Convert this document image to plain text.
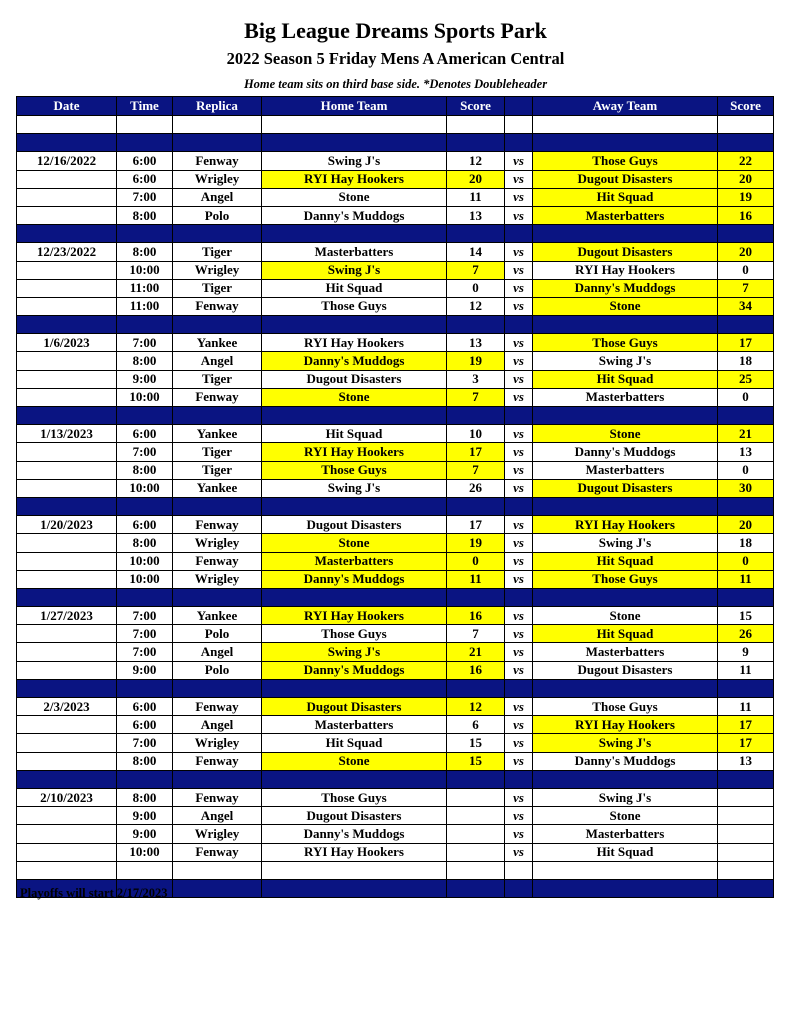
Big League Dreams Sports Park
2022 Season 5 Friday Mens A American Central
Home team sits on third base side. *Denotes Doubleheader
Date	Time	Replica	Home Team	Score		Away Team	Score

12/16/2022	6:00	Fenway	Swing J's	12	vs	Those Guys	22
	6:00	Wrigley	RYI Hay Hookers	20	vs	Dugout Disasters	20
	7:00	Angel	Stone	11	vs	Hit Squad	19
	8:00	Polo	Danny's Muddogs	13	vs	Masterbatters	16

12/23/2022	8:00	Tiger	Masterbatters	14	vs	Dugout Disasters	20
	10:00	Wrigley	Swing J's	7	vs	RYI Hay Hookers	0
	11:00	Tiger	Hit Squad	0	vs	Danny's Muddogs	7
	11:00	Fenway	Those Guys	12	vs	Stone	34

1/6/2023	7:00	Yankee	RYI Hay Hookers	13	vs	Those Guys	17
	8:00	Angel	Danny's Muddogs	19	vs	Swing J's	18
	9:00	Tiger	Dugout Disasters	3	vs	Hit Squad	25
	10:00	Fenway	Stone	7	vs	Masterbatters	0

1/13/2023	6:00	Yankee	Hit Squad	10	vs	Stone	21
	7:00	Tiger	RYI Hay Hookers	17	vs	Danny's Muddogs	13
	8:00	Tiger	Those Guys	7	vs	Masterbatters	0
	10:00	Yankee	Swing J's	26	vs	Dugout Disasters	30

1/20/2023	6:00	Fenway	Dugout Disasters	17	vs	RYI Hay Hookers	20
	8:00	Wrigley	Stone	19	vs	Swing J's	18
	10:00	Fenway	Masterbatters	0	vs	Hit Squad	0
	10:00	Wrigley	Danny's Muddogs	11	vs	Those Guys	11

1/27/2023	7:00	Yankee	RYI Hay Hookers	16	vs	Stone	15
	7:00	Polo	Those Guys	7	vs	Hit Squad	26
	7:00	Angel	Swing J's	21	vs	Masterbatters	9
	9:00	Polo	Danny's Muddogs	16	vs	Dugout Disasters	11

2/3/2023	6:00	Fenway	Dugout Disasters	12	vs	Those Guys	11
	6:00	Angel	Masterbatters	6	vs	RYI Hay Hookers	17
	7:00	Wrigley	Hit Squad	15	vs	Swing J's	17
	8:00	Fenway	Stone	15	vs	Danny's Muddogs	13

2/10/2023	8:00	Fenway	Those Guys		vs	Swing J's	
	9:00	Angel	Dugout Disasters		vs	Stone	
	9:00	Wrigley	Danny's Muddogs		vs	Masterbatters	
	10:00	Fenway	RYI Hay Hookers		vs	Hit Squad	

Playoffs will start 2/17/2023
